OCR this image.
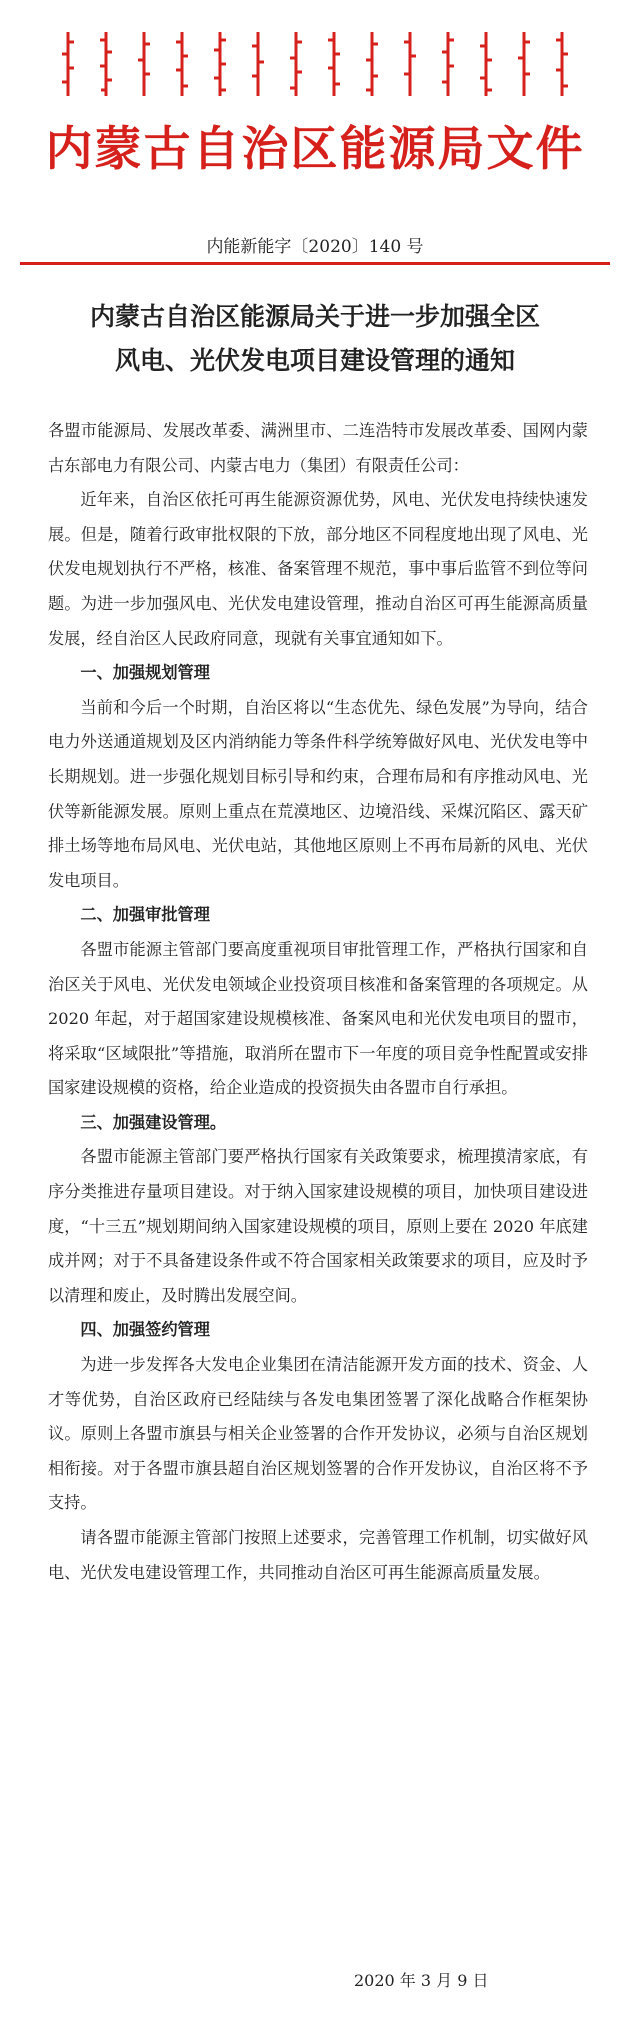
内蒙古自治区能源局文件
内能新能字〔2020〕140 号
内蒙古自治区能源局关于进一步加强全区
风电、光伏发电项目建设管理的通知

各盟市能源局、发展改革委、满洲里市、二连浩特市发展改革委、国网内蒙古东部电力有限公司、内蒙古电力（集团）有限责任公司：

近年来，自治区依托可再生能源资源优势，风电、光伏发电持续快速发展。但是，随着行政审批权限的下放，部分地区不同程度地出现了风电、光伏发电规划执行不严格，核准、备案管理不规范，事中事后监管不到位等问题。为进一步加强风电、光伏发电建设管理，推动自治区可再生能源高质量发展，经自治区人民政府同意，现就有关事宜通知如下。

一、加强规划管理

当前和今后一个时期，自治区将以“生态优先、绿色发展”为导向，结合电力外送通道规划及区内消纳能力等条件科学统筹做好风电、光伏发电等中长期规划。进一步强化规划目标引导和约束，合理布局和有序推动风电、光伏等新能源发展。原则上重点在荒漠地区、边境沿线、采煤沉陷区、露天矿排土场等地布局风电、光伏电站，其他地区原则上不再布局新的风电、光伏发电项目。

二、加强审批管理

各盟市能源主管部门要高度重视项目审批管理工作，严格执行国家和自治区关于风电、光伏发电领域企业投资项目核准和备案管理的各项规定。从 2020 年起，对于超国家建设规模核准、备案风电和光伏发电项目的盟市，将采取“区域限批”等措施，取消所在盟市下一年度的项目竞争性配置或安排国家建设规模的资格，给企业造成的投资损失由各盟市自行承担。

三、加强建设管理。

各盟市能源主管部门要严格执行国家有关政策要求，梳理摸清家底，有序分类推进存量项目建设。对于纳入国家建设规模的项目，加快项目建设进度，“十三五”规划期间纳入国家建设规模的项目，原则上要在 2020 年底建成并网；对于不具备建设条件或不符合国家相关政策要求的项目，应及时予以清理和废止，及时腾出发展空间。

四、加强签约管理

为进一步发挥各大发电企业集团在清洁能源开发方面的技术、资金、人才等优势，自治区政府已经陆续与各发电集团签署了深化战略合作框架协议。原则上各盟市旗县与相关企业签署的合作开发协议，必须与自治区规划相衔接。对于各盟市旗县超自治区规划签署的合作开发协议，自治区将不予支持。

请各盟市能源主管部门按照上述要求，完善管理工作机制，切实做好风电、光伏发电建设管理工作，共同推动自治区可再生能源高质量发展。

2020 年 3 月 9 日
